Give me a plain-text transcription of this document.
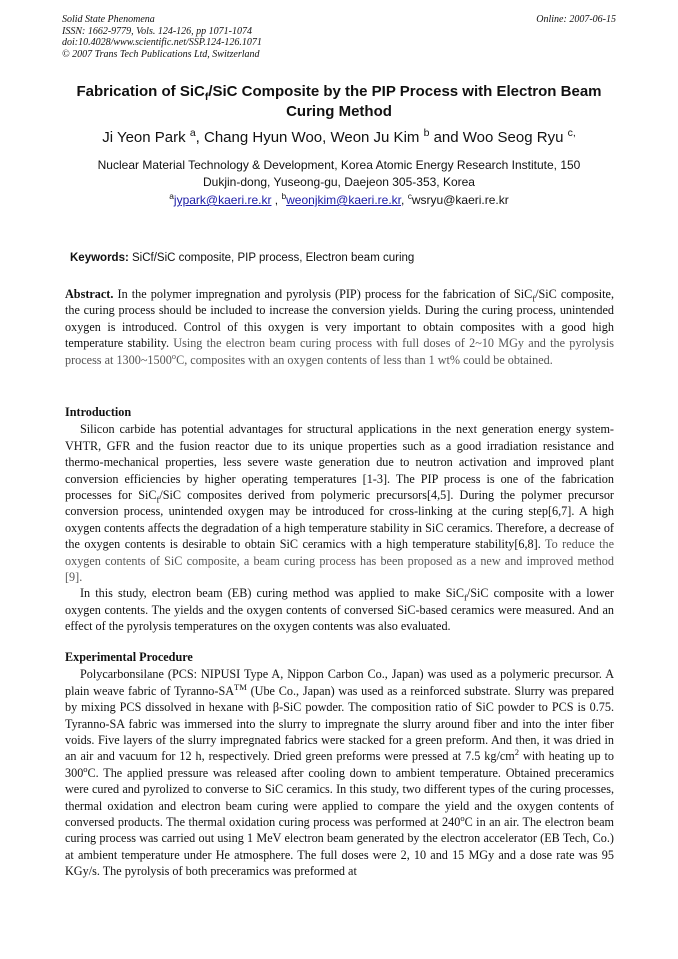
Solid State Phenomena
ISSN: 1662-9779, Vols. 124-126, pp 1071-1074
doi:10.4028/www.scientific.net/SSP.124-126.1071
© 2007 Trans Tech Publications Ltd, Switzerland
Online: 2007-06-15
Fabrication of SiC$_f$/SiC Composite by the PIP Process with Electron Beam Curing Method
Ji Yeon Park $^a$, Chang Hyun Woo, Weon Ju Kim $^b$ and Woo Seog Ryu $^{c,}$
Nuclear Material Technology & Development, Korea Atomic Energy Research Institute, 150
Dukjin-dong, Yuseong-gu, Daejeon 305-353, Korea
$^a$jypark@kaeri.re.kr , $^b$weonjkim@kaeri.re.kr, $^c$wsryu@kaeri.re.kr
Keywords: SiCf/SiC composite, PIP process, Electron beam curing

Abstract. In the polymer impregnation and pyrolysis (PIP) process for the fabrication of SiC$_f$/SiC composite, the curing process should be included to increase the conversion yields. During the curing process, unintended oxygen is introduced. Control of this oxygen is very important to obtain composites with a good high temperature stability. Using the electron beam curing process with full doses of 2~10 MGy and the pyrolysis process at 1300~1500$^o$C, composites with an oxygen contents of less than 1 wt% could be obtained.

Introduction

Silicon carbide has potential advantages for structural applications in the next generation energy system-VHTR, GFR and the fusion reactor due to its unique properties such as a good irradiation resistance and thermo-mechanical properties, less severe waste generation due to neutron activation and improved plant conversion efficiencies by higher operating temperatures [1-3]. The PIP process is one of the fabrication processes for SiC$_f$/SiC composites derived from polymeric precursors[4,5]. During the polymer precursor conversion process, unintended oxygen may be introduced for cross-linking at the curing step[6,7]. A high oxygen contents affects the degradation of a high temperature stability in SiC ceramics. Therefore, a decrease of the oxygen contents is desirable to obtain SiC ceramics with a high temperature stability[6,8]. To reduce the oxygen contents of SiC composite, a beam curing process has been proposed as a new and improved method [9].

In this study, electron beam (EB) curing method was applied to make SiC$_f$/SiC composite with a lower oxygen contents. The yields and the oxygen contents of conversed SiC-based ceramics were measured. And an effect of the pyrolysis temperatures on the oxygen contents was also evaluated.

Experimental Procedure

Polycarbonsilane (PCS: NIPUSI Type A, Nippon Carbon Co., Japan) was used as a polymeric precursor. A plain weave fabric of Tyranno-SA™ (Ube Co., Japan) was used as a reinforced substrate. Slurry was prepared by mixing PCS dissolved in hexane with β-SiC powder. The composition ratio of SiC powder to PCS is 0.75. Tyranno-SA fabric was immersed into the slurry to impregnate the slurry around fiber and into the inter fiber voids. Five layers of the slurry impregnated fabrics were stacked for a green preform. And then, it was dried in an air and vacuum for 12 h, respectively. Dried green preforms were pressed at 7.5 $kg/cm^2$ with heating up to 300$^o$C. The applied pressure was released after cooling down to ambient temperature. Obtained preceramics were cured and pyrolized to converse to SiC ceramics. In this study, two different types of the curing processes, thermal oxidation and electron beam curing were applied to compare the yield and the oxygen contents of conversed products. The thermal oxidation curing process was performed at 240$^o$C in an air. The electron beam curing process was carried out using 1 MeV electron beam generated by the electron accelerator (EB Tech, Co.) at ambient temperature under He atmosphere. The full doses were 2, 10 and 15 MGy and a dose rate was 95 KGy/s. The pyrolysis of both preceramics was preformed at
